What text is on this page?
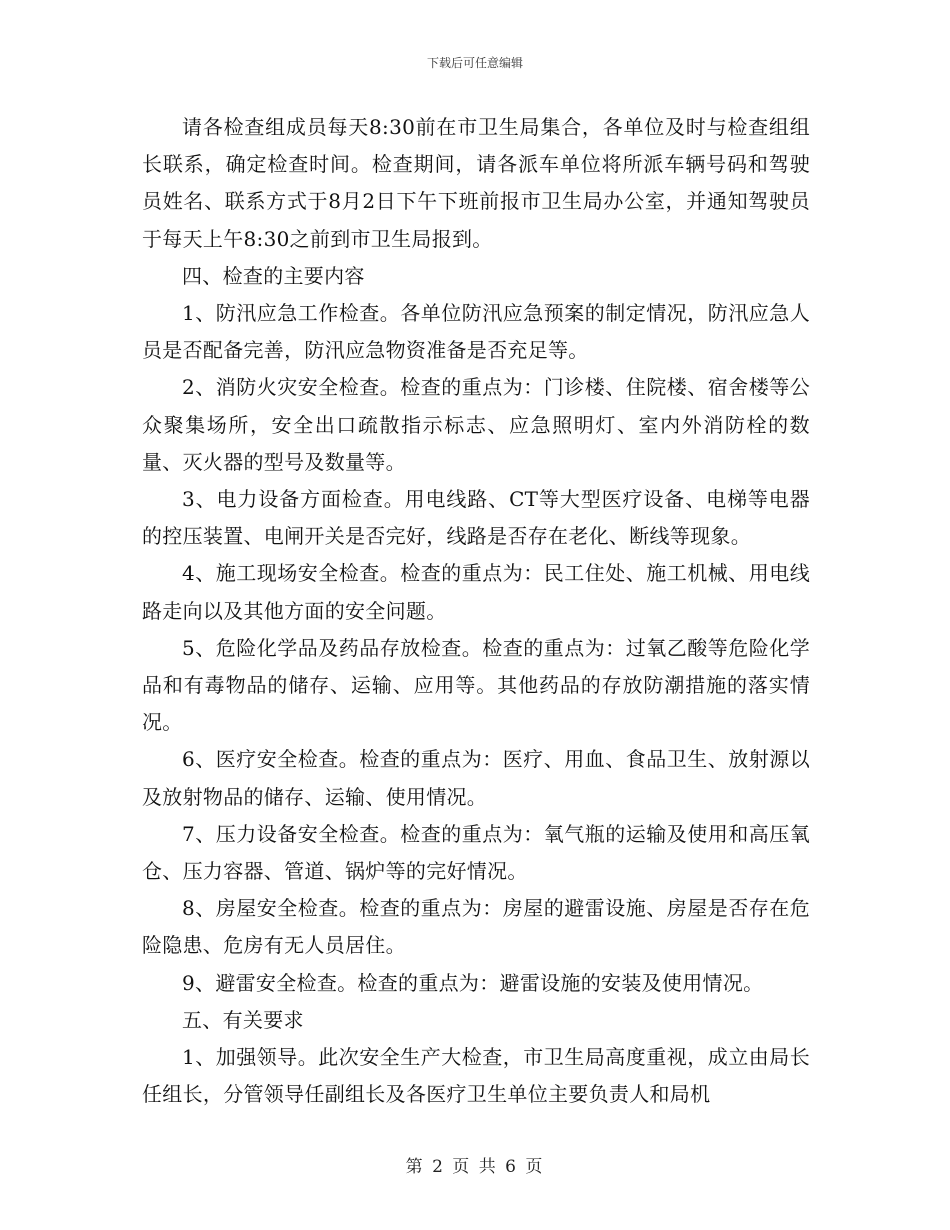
下载后可任意编辑

请各检查组成员每天8:30前在市卫生局集合，各单位及时与检查组组长联系，确定检查时间。检查期间，请各派车单位将所派车辆号码和驾驶员姓名、联系方式于8月2日下午下班前报市卫生局办公室，并通知驾驶员于每天上午8:30之前到市卫生局报到。

四、检查的主要内容

1、防汛应急工作检查。各单位防汛应急预案的制定情况，防汛应急人员是否配备完善，防汛应急物资准备是否充足等。

2、消防火灾安全检查。检查的重点为：门诊楼、住院楼、宿舍楼等公众聚集场所，安全出口疏散指示标志、应急照明灯、室内外消防栓的数量、灭火器的型号及数量等。

3、电力设备方面检查。用电线路、CT等大型医疗设备、电梯等电器的控压装置、电闸开关是否完好，线路是否存在老化、断线等现象。

4、施工现场安全检查。检查的重点为：民工住处、施工机械、用电线路走向以及其他方面的安全问题。

5、危险化学品及药品存放检查。检查的重点为：过氧乙酸等危险化学品和有毒物品的储存、运输、应用等。其他药品的存放防潮措施的落实情况。

6、医疗安全检查。检查的重点为：医疗、用血、食品卫生、放射源以及放射物品的储存、运输、使用情况。

7、压力设备安全检查。检查的重点为：氧气瓶的运输及使用和高压氧仓、压力容器、管道、锅炉等的完好情况。

8、房屋安全检查。检查的重点为：房屋的避雷设施、房屋是否存在危险隐患、危房有无人员居住。

9、避雷安全检查。检查的重点为：避雷设施的安装及使用情况。

五、有关要求

1、加强领导。此次安全生产大检查，市卫生局高度重视，成立由局长任组长，分管领导任副组长及各医疗卫生单位主要负责人和局机

第 2 页 共 6 页
